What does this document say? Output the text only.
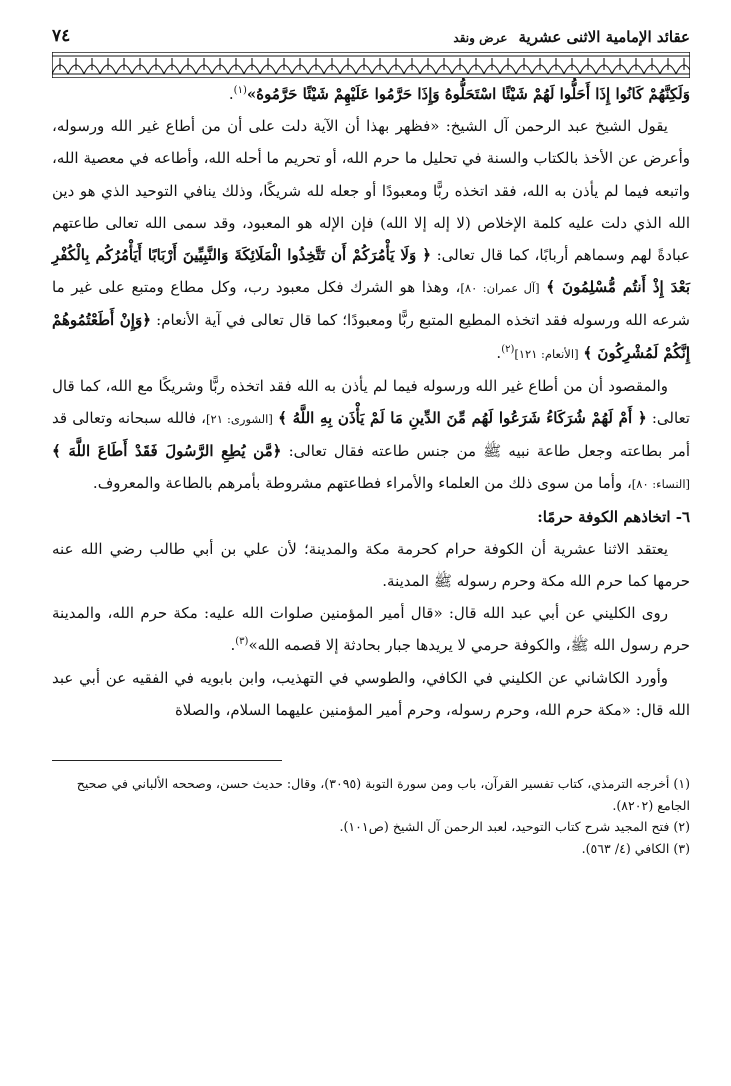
عقائد الإمامية الاثنى عشرية عرض ونقد
٧٤

وَلَكِنَّهُمْ كَانُوا إِذَا أَحَلُّوا لَهُمْ شَيْئًا اسْتَحَلُّوهُ وَإِذَا حَرَّمُوا عَلَيْهِمْ شَيْئًا حَرَّمُوهُ»$^{(١)}$.

يقول الشيخ عبد الرحمن آل الشيخ: «فظهر بهذا أن الآية دلت على أن من أطاع غير الله ورسوله، وأعرض عن الأخذ بالكتاب والسنة في تحليل ما حرم الله، أو تحريم ما أحله الله، وأطاعه في معصية الله، واتبعه فيما لم يأذن به الله، فقد اتخذه ربًّا ومعبودًا أو جعله لله شريكًا، وذلك ينافي التوحيد الذي هو دين الله الذي دلت عليه كلمة الإخلاص (لا إله إلا الله) فإن الإله هو المعبود، وقد سمى الله تعالى طاعتهم عبادةً لهم وسماهم أربابًا، كما قال تعالى: ﴿ وَلَا يَأْمُرَكُمْ أَن تَتَّخِذُوا الْمَلَائِكَةَ وَالنَّبِيِّينَ أَرْبَابًا أَيَأْمُرُكُم بِالْكُفْرِ بَعْدَ إِذْ أَنتُم مُّسْلِمُونَ ﴾ [آل عمران: ٨٠]، وهذا هو الشرك فكل معبود رب، وكل مطاع ومتبع على غير ما شرعه الله ورسوله فقد اتخذه المطيع المتبع ربًّا ومعبودًا؛ كما قال تعالى في آية الأنعام: ﴿وَإِنْ أَطَعْتُمُوهُمْ إِنَّكُمْ لَمُشْرِكُونَ ﴾ [الأنعام: ١٢١]$^{(٢)}$.

والمقصود أن من أطاع غير الله ورسوله فيما لم يأذن به الله فقد اتخذه ربًّا وشريكًا مع الله، كما قال تعالى: ﴿ أَمْ لَهُمْ شُرَكَاءُ شَرَعُوا لَهُم مِّنَ الدِّينِ مَا لَمْ يَأْذَن بِهِ اللَّهُ ﴾ [الشورى: ٢١]، فالله سبحانه وتعالى قد أمر بطاعته وجعل طاعة نبيه ﷺ من جنس طاعته فقال تعالى: ﴿مَّن يُطِعِ الرَّسُولَ فَقَدْ أَطَاعَ اللَّهَ ﴾ [النساء: ٨٠]، وأما من سوى ذلك من العلماء والأمراء فطاعتهم مشروطة بأمرهم بالطاعة والمعروف.

٦- اتخاذهم الكوفة حرمًا:

يعتقد الاثنا عشرية أن الكوفة حرام كحرمة مكة والمدينة؛ لأن علي بن أبي طالب رضي الله عنه حرمها كما حرم الله مكة وحرم رسوله ﷺ المدينة.

روى الكليني عن أبي عبد الله قال: «قال أمير المؤمنين صلوات الله عليه: مكة حرم الله، والمدينة حرم رسول الله ﷺ، والكوفة حرمي لا يريدها جبار بحادثة إلا قصمه الله»$^{(٣)}$.

وأورد الكاشاني عن الكليني في الكافي، والطوسي في التهذيب، وابن بابويه في الفقيه عن أبي عبد الله قال: «مكة حرم الله، وحرم رسوله، وحرم أمير المؤمنين عليهما السلام، والصلاة

(١) أخرجه الترمذي، كتاب تفسير القرآن، باب ومن سورة التوبة (٣٠٩٥)، وقال: حديث حسن، وصححه الألباني في صحيح الجامع (٨٢٠٢).

(٢) فتح المجيد شرح كتاب التوحيد، لعبد الرحمن آل الشيخ (ص١٠١).

(٣) الكافي (٤/ ٥٦٣).
